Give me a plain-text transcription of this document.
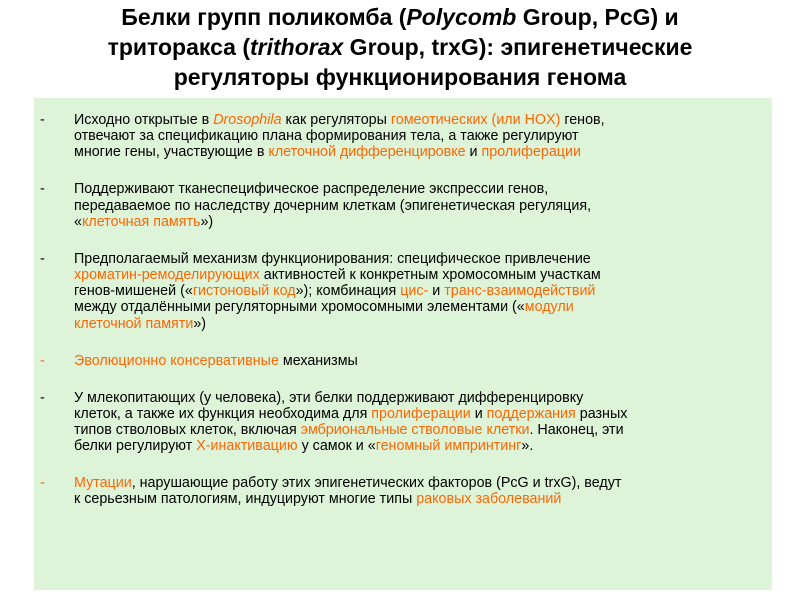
Белки групп поликомба (Polycomb Group, PcG) и
триторакса (trithorax Group, trxG): эпигенетические
регуляторы функционирования генома
-	Исходно открытые в Drosophila как регуляторы гомеотических (или HOX) генов,
отвечают за спецификацию плана формирования тела, а также регулируют
многие гены, участвующие в клеточной дифференцировке и пролиферации
-	Поддерживают тканеспецифическое распределение экспрессии генов,
передаваемое по наследству дочерним клеткам (эпигенетическая регуляция,
«клеточная память»)
-	Предполагаемый механизм функционирования: специфическое привлечение
хроматин-ремоделирующих активностей к конкретным хромосомным участкам
генов-мишеней («гистоновый код»); комбинация цис- и транс-взаимодействий
между отдалёнными регуляторными хромосомными элементами («модули
клеточной памяти»)
-	Эволюционно консервативные механизмы
-	У млекопитающих (у человека), эти белки поддерживают дифференцировку
клеток, а также их функция необходима для пролиферации и поддержания разных
типов стволовых клеток, включая эмбриональные стволовые клетки. Наконец, эти
белки регулируют Х-инактивацию у самок и «геномный импринтинг».
-	Мутации, нарушающие работу этих эпигенетических факторов (PcG и trxG), ведут
к серьезным патологиям, индуцируют многие типы раковых заболеваний
